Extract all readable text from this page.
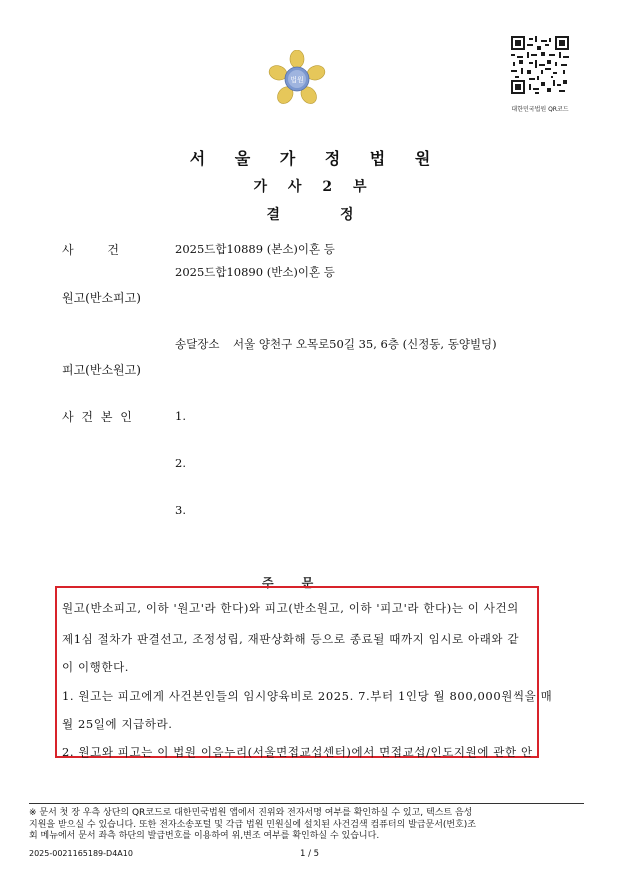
법원
대한민국법원 QR코드
서 울 가 정 법 원
가 사 2 부
결	정
사 건	2025드합10889 (본소)이혼 등
2025드합10890 (반소)이혼 등
원고(반소피고)
송달장소 서울 양천구 오목로50길 35, 6층 (신정동, 동양빌딩)
피고(반소원고)
사 건 본 인	1.
2.
3.
주 문
원고(반소피고, 이하 '원고'라 한다)와 피고(반소원고, 이하 '피고'라 한다)는 이 사건의
제1심 절차가 판결선고, 조정성립, 재판상화해 등으로 종료될 때까지 임시로 아래와 같
이 이행한다.
1. 원고는 피고에게 사건본인들의 임시양육비로 2025. 7.부터 1인당 월 800,000원씩을 매
월 25일에 지급하라.
2. 원고와 피고는 이 법원 이음누리(서울면접교섭센터)에서 면접교섭/인도지원에 관한 안
※ 문서 첫 장 우측 상단의 QR코드로 대한민국법원 앱에서 진위와 전자서명 여부를 확인하실 수 있고, 텍스트 음성
지원을 받으실 수 있습니다. 또한 전자소송포털 및 각급 법원 민원실에 설치된 사건검색 컴퓨터의 발급문서(번호)조
회 메뉴에서 문서 좌측 하단의 발급번호를 이용하여 위,변조 여부를 확인하실 수 있습니다.
2025-0021165189-D4A10	1 / 5
